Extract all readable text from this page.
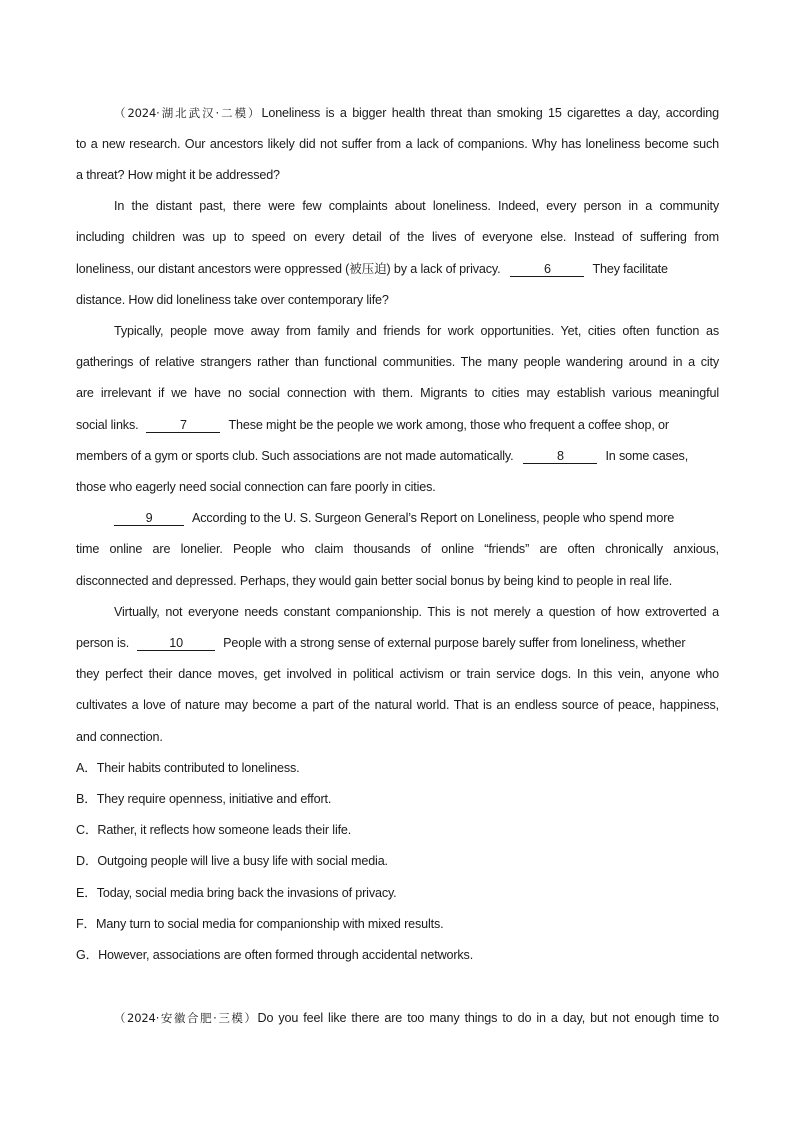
（2024·湖北武汉·二模）Loneliness is a bigger health threat than smoking 15 cigarettes a day, according
to a new research. Our ancestors likely did not suffer from a lack of companions. Why has loneliness become such
a threat? How might it be addressed?
In the distant past, there were few complaints about loneliness. Indeed, every person in a community
including children was up to speed on every detail of the lives of everyone else. Instead of suffering from
loneliness, our distant ancestors were oppressed (被压迫) by a lack of privacy.	6	They facilitate
distance. How did loneliness take over contemporary life?
Typically, people move away from family and friends for work opportunities. Yet, cities often function as
gatherings of relative strangers rather than functional communities. The many people wandering around in a city
are irrelevant if we have no social connection with them. Migrants to cities may establish various meaningful
social links.	7	These might be the people we work among, those who frequent a coffee shop, or
members of a gym or sports club. Such associations are not made automatically.	8	In some cases,
those who eagerly need social connection can fare poorly in cities.
9	According to the U. S. Surgeon General’s Report on Loneliness, people who spend more
time online are lonelier. People who claim thousands of online “friends” are often chronically anxious,
disconnected and depressed. Perhaps, they would gain better social bonus by being kind to people in real life.
Virtually, not everyone needs constant companionship. This is not merely a question of how extroverted a
person is.	10	People with a strong sense of external purpose barely suffer from loneliness, whether
they perfect their dance moves, get involved in political activism or train service dogs. In this vein, anyone who
cultivates a love of nature may become a part of the natural world. That is an endless source of peace, happiness,
and connection.
A．Their habits contributed to loneliness.
B．They require openness, initiative and effort.
C．Rather, it reflects how someone leads their life.
D．Outgoing people will live a busy life with social media.
E．Today, social media bring back the invasions of privacy.
F．Many turn to social media for companionship with mixed results.
G．However, associations are often formed through accidental networks.
（2024·安徽合肥·三模）Do you feel like there are too many things to do in a day, but not enough time to
